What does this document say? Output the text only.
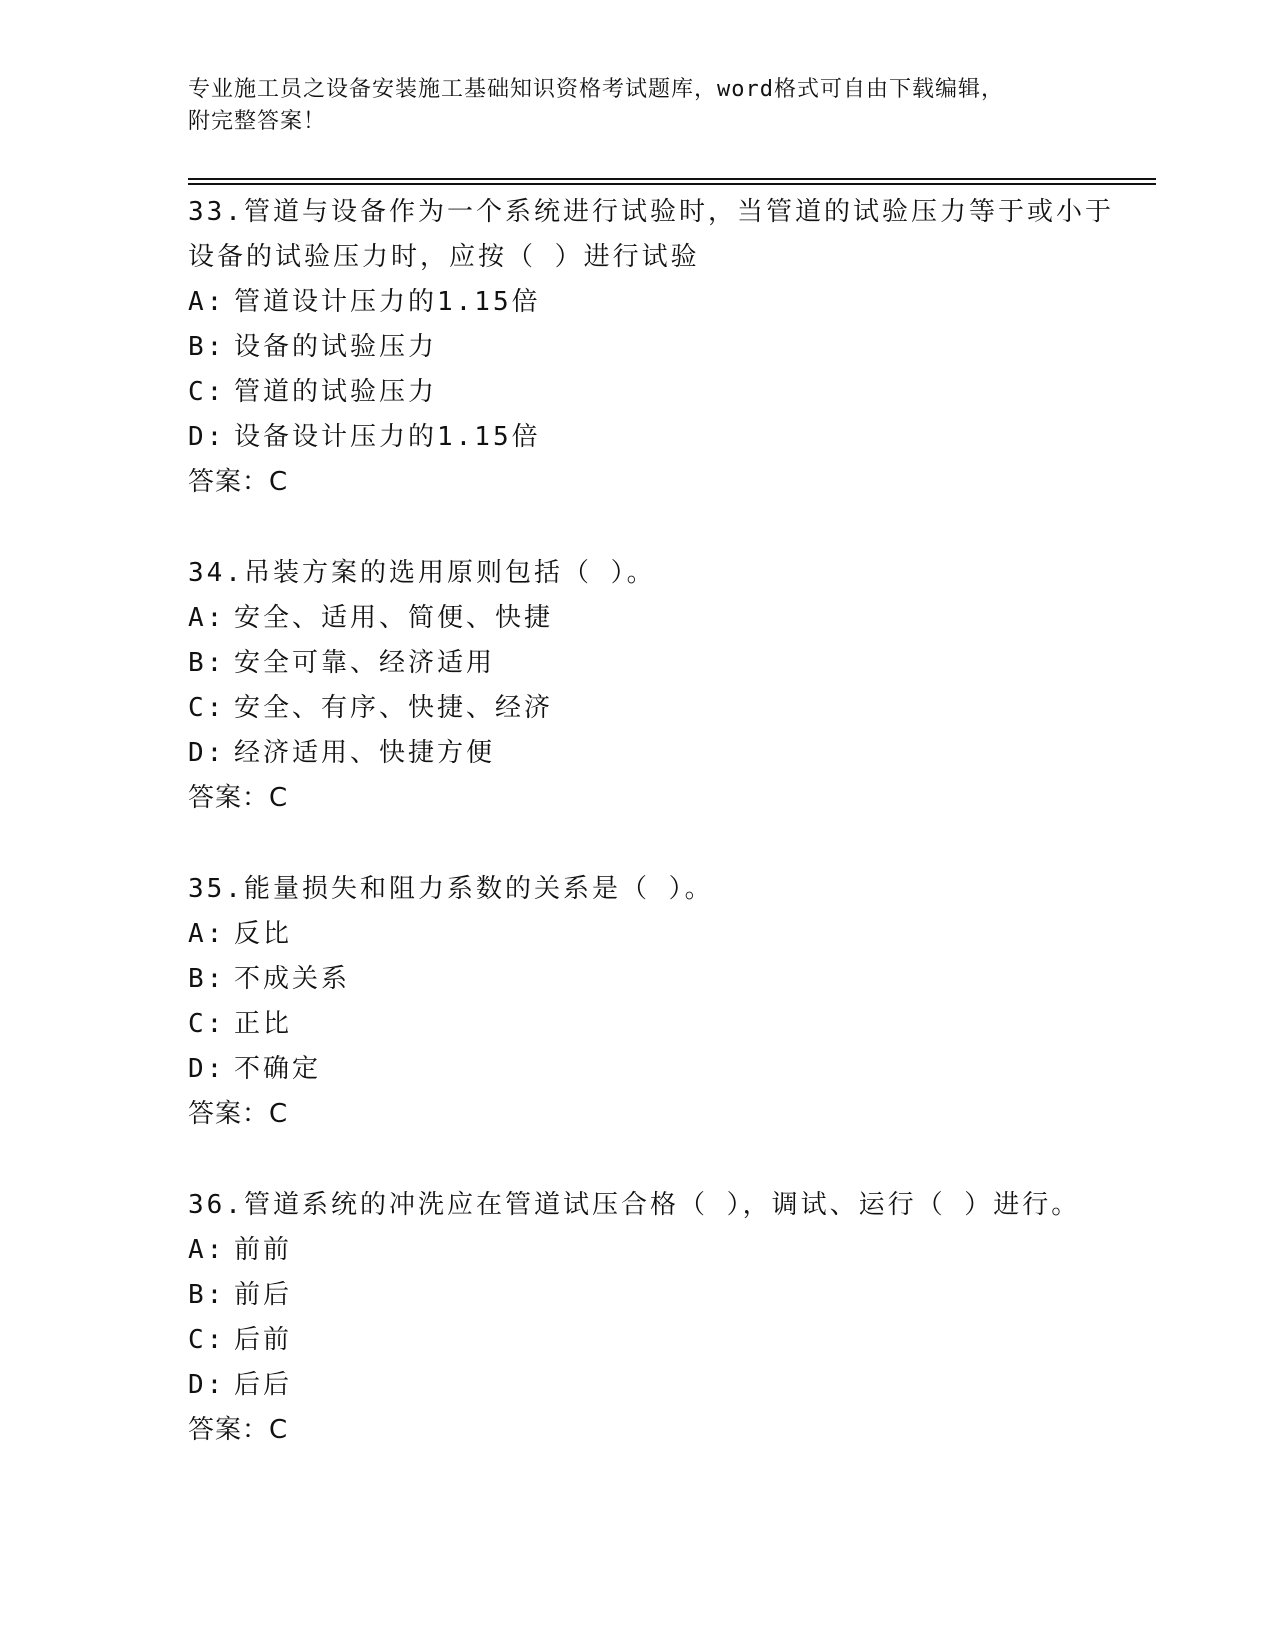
专业施工员之设备安装施工基础知识资格考试题库，word格式可自由下载编辑，
附完整答案！
33.管道与设备作为一个系统进行试验时，当管道的试验压力等于或小于设备的试验压力时，应按（ ）进行试验
A: 管道设计压力的1.15倍
B: 设备的试验压力
C: 管道的试验压力
D: 设备设计压力的1.15倍
答案：C
34.吊装方案的选用原则包括（ ）。
A: 安全、适用、简便、快捷
B: 安全可靠、经济适用
C: 安全、有序、快捷、经济
D: 经济适用、快捷方便
答案：C
35.能量损失和阻力系数的关系是（ ）。
A: 反比
B: 不成关系
C: 正比
D: 不确定
答案：C
36.管道系统的冲洗应在管道试压合格（ ），调试、运行（ ）进行。
A: 前前
B: 前后
C: 后前
D: 后后
答案：C
